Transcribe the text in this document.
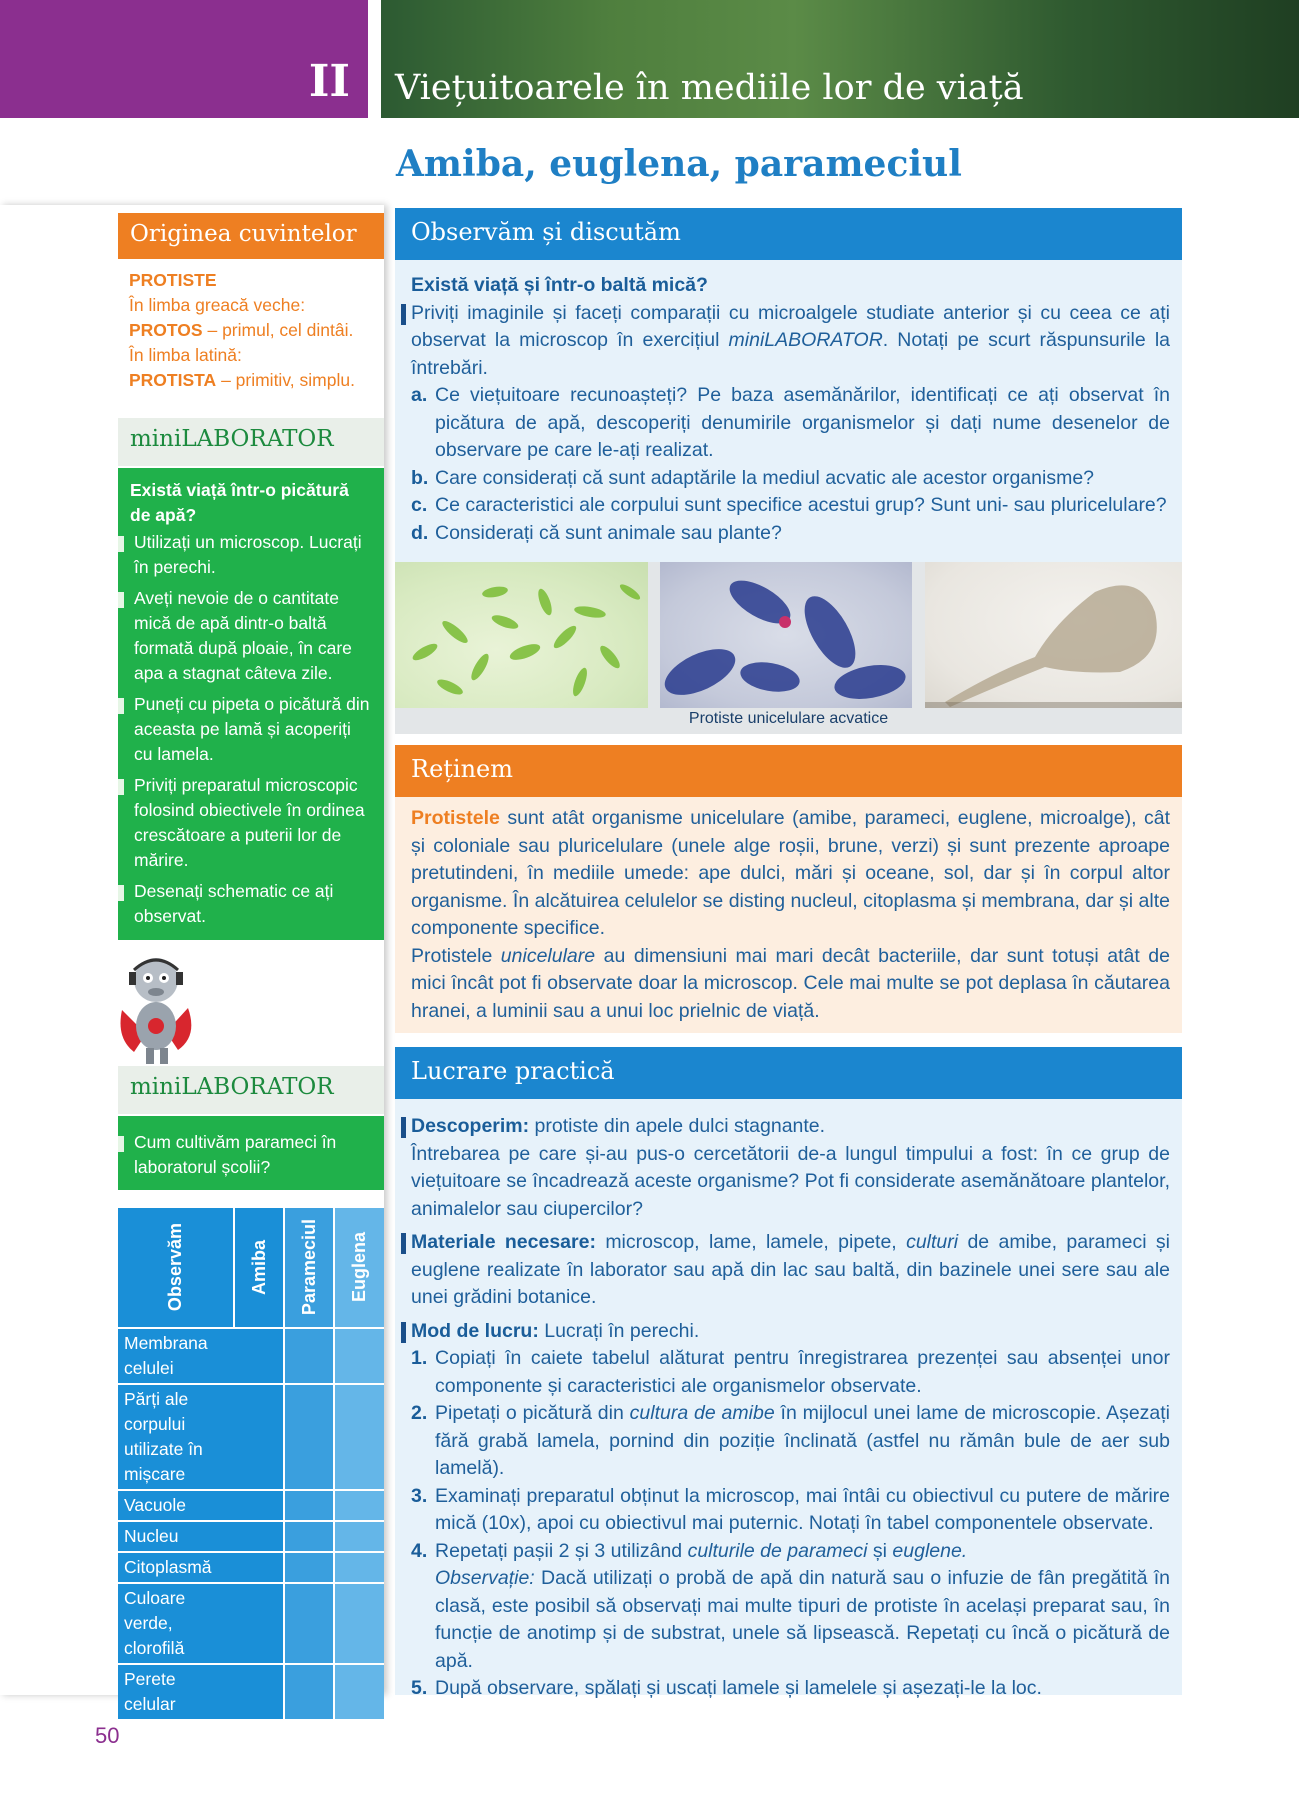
II Viețuitoarele în mediile lor de viață
Amiba, euglena, parameciul
Originea cuvintelor
PROTISTE
În limba greacă veche:
PROTOS – primul, cel dintâi.
În limba latină:
PROTISTA – primitiv, simplu.
miniLABORATOR
Există viață într-o picătură de apă?
Utilizați un microscop. Lucrați în perechi.
Aveți nevoie de o cantitate mică de apă dintr-o baltă formată după ploaie, în care apa a stagnat câteva zile.
Puneți cu pipeta o picătură din aceasta pe lamă și acoperiți cu lamela.
Priviți preparatul microscopic folosind obiectivele în ordinea crescătoare a puterii lor de mărire.
Desenați schematic ce ați observat.
miniLABORATOR
Cum cultivăm parameci în laboratorul școlii?
Observăm	Amiba	Parameciul	Euglena

Membrana celulei			
Părți ale corpului utilizate în mișcare			
Vacuole			
Nucleu			
Citoplasmă			
Culoare verde, clorofilă			
Perete celular			
50
Observăm și discutăm
Există viață și într-o baltă mică?
Priviți imaginile și faceți comparații cu microalgele studiate anterior și cu ceea ce ați observat la microscop în exercițiul miniLABORATOR. Notați pe scurt răspunsurile la întrebări.
a. Ce viețuitoare recunoașteți? Pe baza asemănărilor, identificați ce ați observat în picătura de apă, descoperiți denumirile organismelor și dați nume desenelor de observare pe care le-ați realizat.
b. Care considerați că sunt adaptările la mediul acvatic ale acestor organisme?
c. Ce caracteristici ale corpului sunt specifice acestui grup? Sunt uni- sau pluricelulare?
d. Considerați că sunt animale sau plante?
Protiste unicelulare acvatice
Reținem
Protistele sunt atât organisme unicelulare (amibe, parameci, euglene, microalge), cât și coloniale sau pluricelulare (unele alge roșii, brune, verzi) și sunt prezente aproape pretutindeni, în mediile umede: ape dulci, mări și oceane, sol, dar și în corpul altor organisme. În alcătuirea celulelor se disting nucleul, citoplasma și membrana, dar și alte componente specifice.
Protistele unicelulare au dimensiuni mai mari decât bacteriile, dar sunt totuși atât de mici încât pot fi observate doar la microscop. Cele mai multe se pot deplasa în căutarea hranei, a luminii sau a unui loc prielnic de viață.
Lucrare practică
Descoperim: protiste din apele dulci stagnante.
Întrebarea pe care și-au pus-o cercetătorii de-a lungul timpului a fost: în ce grup de viețuitoare se încadrează aceste organisme? Pot fi considerate asemănătoare plantelor, animalelor sau ciupercilor?
Materiale necesare: microscop, lame, lamele, pipete, culturi de amibe, parameci și euglene realizate în laborator sau apă din lac sau baltă, din bazinele unei sere sau ale unei grădini botanice.
Mod de lucru: Lucrați în perechi.
1. Copiați în caiete tabelul alăturat pentru înregistrarea prezenței sau absenței unor componente și caracteristici ale organismelor observate.
2. Pipetați o picătură din cultura de amibe în mijlocul unei lame de microscopie. Așezați fără grabă lamela, pornind din poziție înclinată (astfel nu rămân bule de aer sub lamelă).
3. Examinați preparatul obținut la microscop, mai întâi cu obiectivul cu putere de mărire mică (10x), apoi cu obiectivul mai puternic. Notați în tabel componentele observate.
4. Repetați pașii 2 și 3 utilizând culturile de parameci și euglene.
Observație: Dacă utilizați o probă de apă din natură sau o infuzie de fân pregătită în clasă, este posibil să observați mai multe tipuri de protiste în același preparat sau, în funcție de anotimp și de substrat, unele să lipsească. Repetați cu încă o picătură de apă.
5. După observare, spălați și uscați lamele și lamelele și așezați-le la loc.
